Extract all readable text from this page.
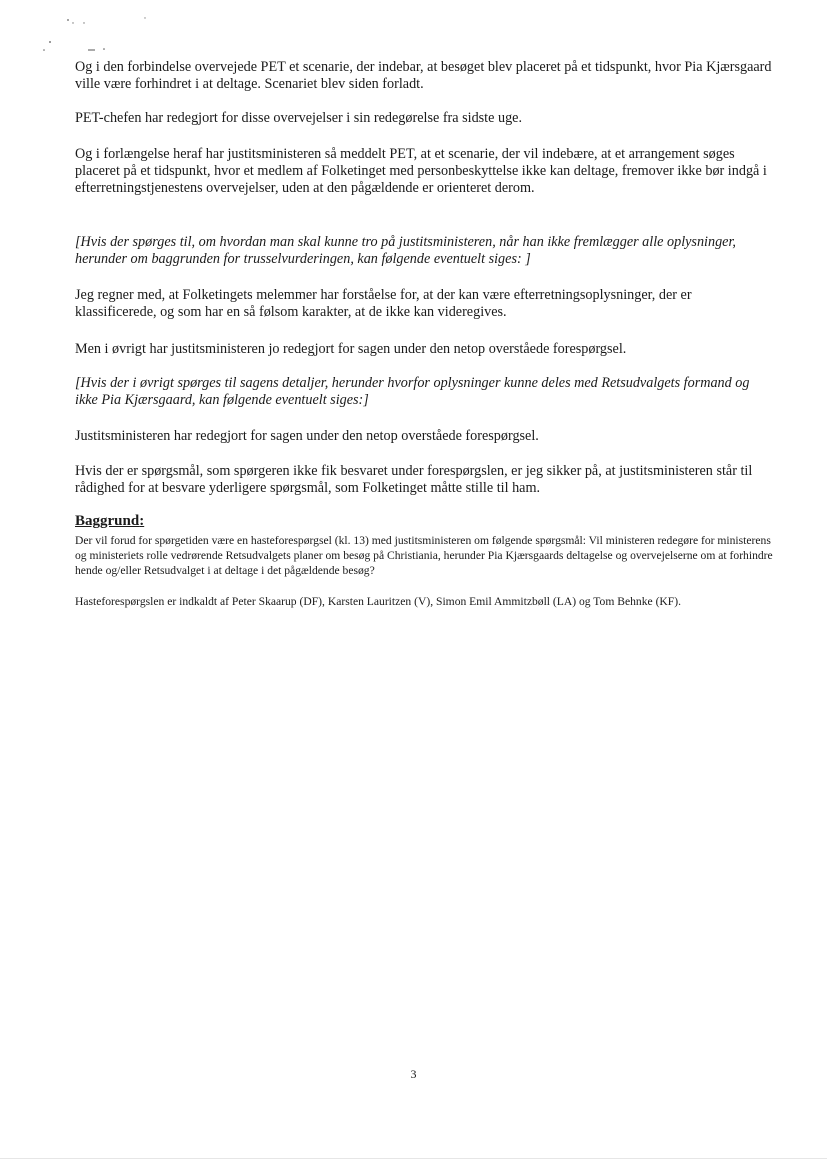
Og i den forbindelse overvejede PET et scenarie, der indebar, at besøget blev placeret på et tidspunkt, hvor Pia Kjærsgaard ville være forhindret i at deltage. Scenariet blev siden forladt.
PET-chefen har redegjort for disse overvejelser i sin redegørelse fra sidste uge.
Og i forlængelse heraf har justitsministeren så meddelt PET, at et scenarie, der vil indebære, at et arrangement søges placeret på et tidspunkt, hvor et medlem af Folketinget med personbeskyttelse ikke kan deltage, fremover ikke bør indgå i efterretningstjenestens overvejelser, uden at den pågældende er orienteret derom.
[Hvis der spørges til, om hvordan man skal kunne tro på justitsministeren, når han ikke fremlægger alle oplysninger, herunder om baggrunden for trusselvurderingen, kan følgende eventuelt siges: ]
Jeg regner med, at Folketingets melemmer har forståelse for, at der kan være efterretningsoplysninger, der er klassificerede, og som har en så følsom karakter, at de ikke kan videregives.
Men i øvrigt har justitsministeren jo redegjort for sagen under den netop overståede forespørgsel.
[Hvis der i øvrigt spørges til sagens detaljer, herunder hvorfor oplysninger kunne deles med Retsudvalgets formand og ikke Pia Kjærsgaard, kan følgende eventuelt siges:]
Justitsministeren har redegjort for sagen under den netop overståede forespørgsel.
Hvis der er spørgsmål, som spørgeren ikke fik besvaret under forespørgslen, er jeg sikker på, at justitsministeren står til rådighed for at besvare yderligere spørgsmål, som Folketinget måtte stille til ham.
Baggrund:
Der vil forud for spørgetiden være en hasteforespørgsel (kl. 13) med justitsministeren om følgende spørgsmål: Vil ministeren redegøre for ministerens og ministeriets rolle vedrørende Retsudvalgets planer om besøg på Christiania, herunder Pia Kjærsgaards deltagelse og overvejelserne om at forhindre hende og/eller Retsudvalget i at deltage i det pågældende besøg?
Hasteforespørgslen er indkaldt af Peter Skaarup (DF), Karsten Lauritzen (V), Simon Emil Ammitzbøll (LA) og Tom Behnke (KF).
3
